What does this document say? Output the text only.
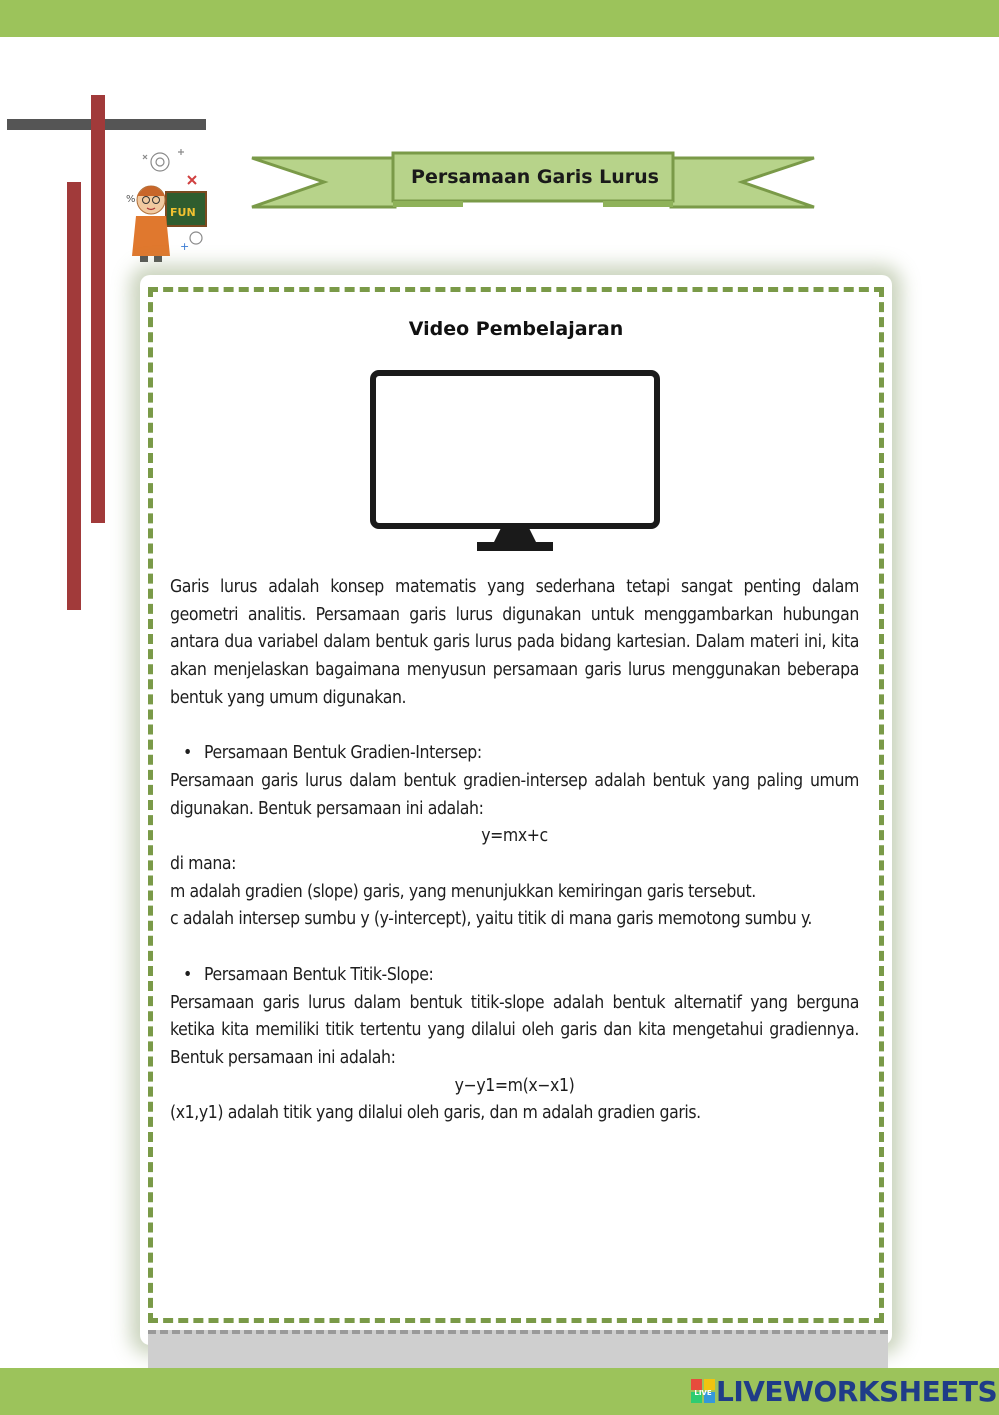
%
+
FUN
Persamaan Garis Lurus
Video Pembelajaran

Garis lurus adalah konsep matematis yang sederhana tetapi sangat penting dalam geometri analitis. Persamaan garis lurus digunakan untuk menggambarkan hubungan antara dua variabel dalam bentuk garis lurus pada bidang kartesian. Dalam materi ini, kita akan menjelaskan bagaimana menyusun persamaan garis lurus menggunakan beberapa bentuk yang umum digunakan.

• Persamaan Bentuk Gradien-Intersep:

Persamaan garis lurus dalam bentuk gradien-intersep adalah bentuk yang paling umum digunakan. Bentuk persamaan ini adalah:

y=mx+c

di mana:

m adalah gradien (slope) garis, yang menunjukkan kemiringan garis tersebut.

c adalah intersep sumbu y (y-intercept), yaitu titik di mana garis memotong sumbu y.

• Persamaan Bentuk Titik-Slope:

Persamaan garis lurus dalam bentuk titik-slope adalah bentuk alternatif yang berguna ketika kita memiliki titik tertentu yang dilalui oleh garis dan kita mengetahui gradiennya. Bentuk persamaan ini adalah:

y−y1=m(x−x1)

(x1,y1) adalah titik yang dilalui oleh garis, dan m adalah gradien garis.

LIVE LIVEWORKSHEETS
